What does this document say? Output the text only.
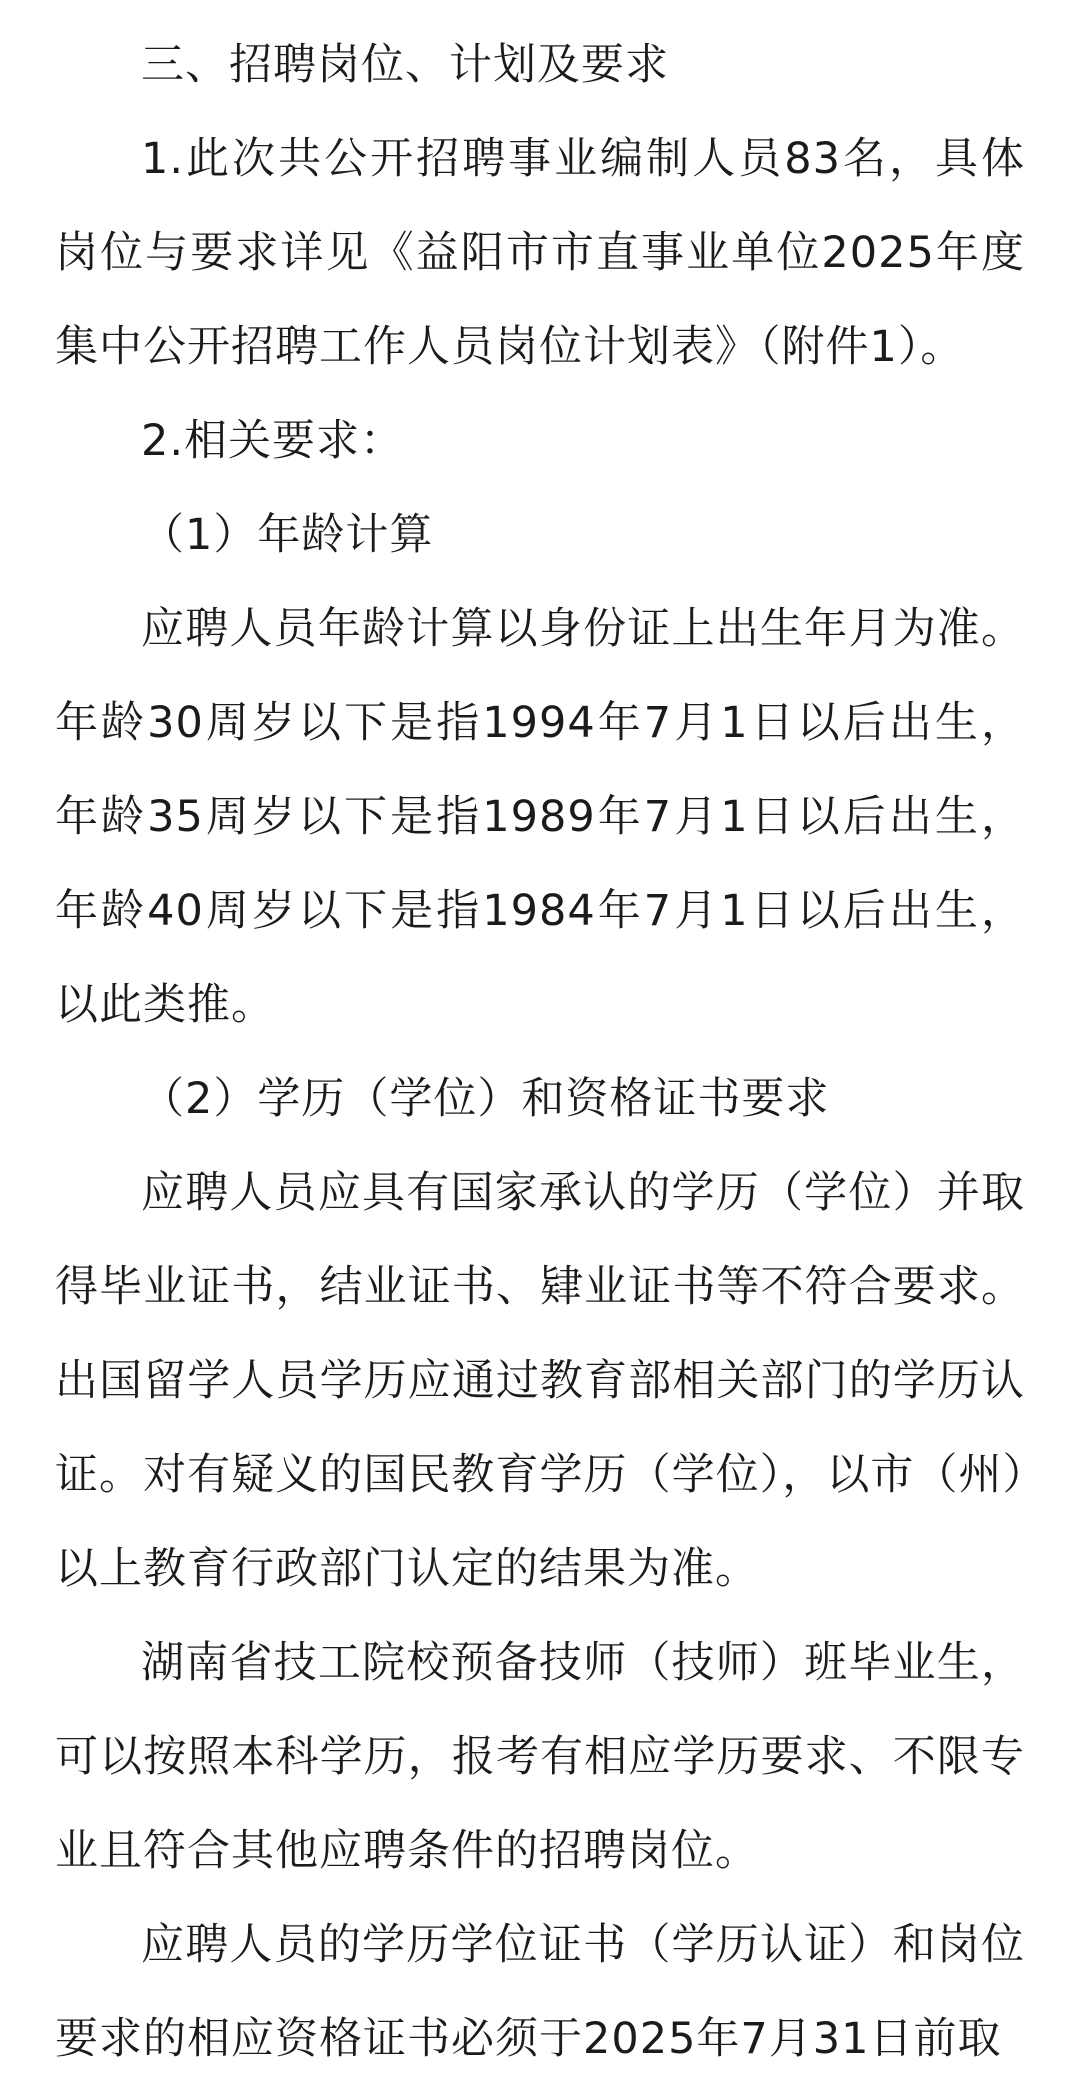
三、招聘岗位、计划及要求

1.此次共公开招聘事业编制人员83名，具体岗位与要求详见《益阳市市直事业单位2025年度集中公开招聘工作人员岗位计划表》（附件1）。

2.相关要求：

（1）年龄计算

应聘人员年龄计算以身份证上出生年月为准。年龄30周岁以下是指1994年7月1日以后出生，年龄35周岁以下是指1989年7月1日以后出生，年龄40周岁以下是指1984年7月1日以后出生，以此类推。

（2）学历（学位）和资格证书要求

应聘人员应具有国家承认的学历（学位）并取得毕业证书，结业证书、肄业证书等不符合要求。出国留学人员学历应通过教育部相关部门的学历认证。对有疑义的国民教育学历（学位），以市（州）以上教育行政部门认定的结果为准。

湖南省技工院校预备技师（技师）班毕业生，可以按照本科学历，报考有相应学历要求、不限专业且符合其他应聘条件的招聘岗位。

应聘人员的学历学位证书（学历认证）和岗位要求的相应资格证书必须于2025年7月31日前取
